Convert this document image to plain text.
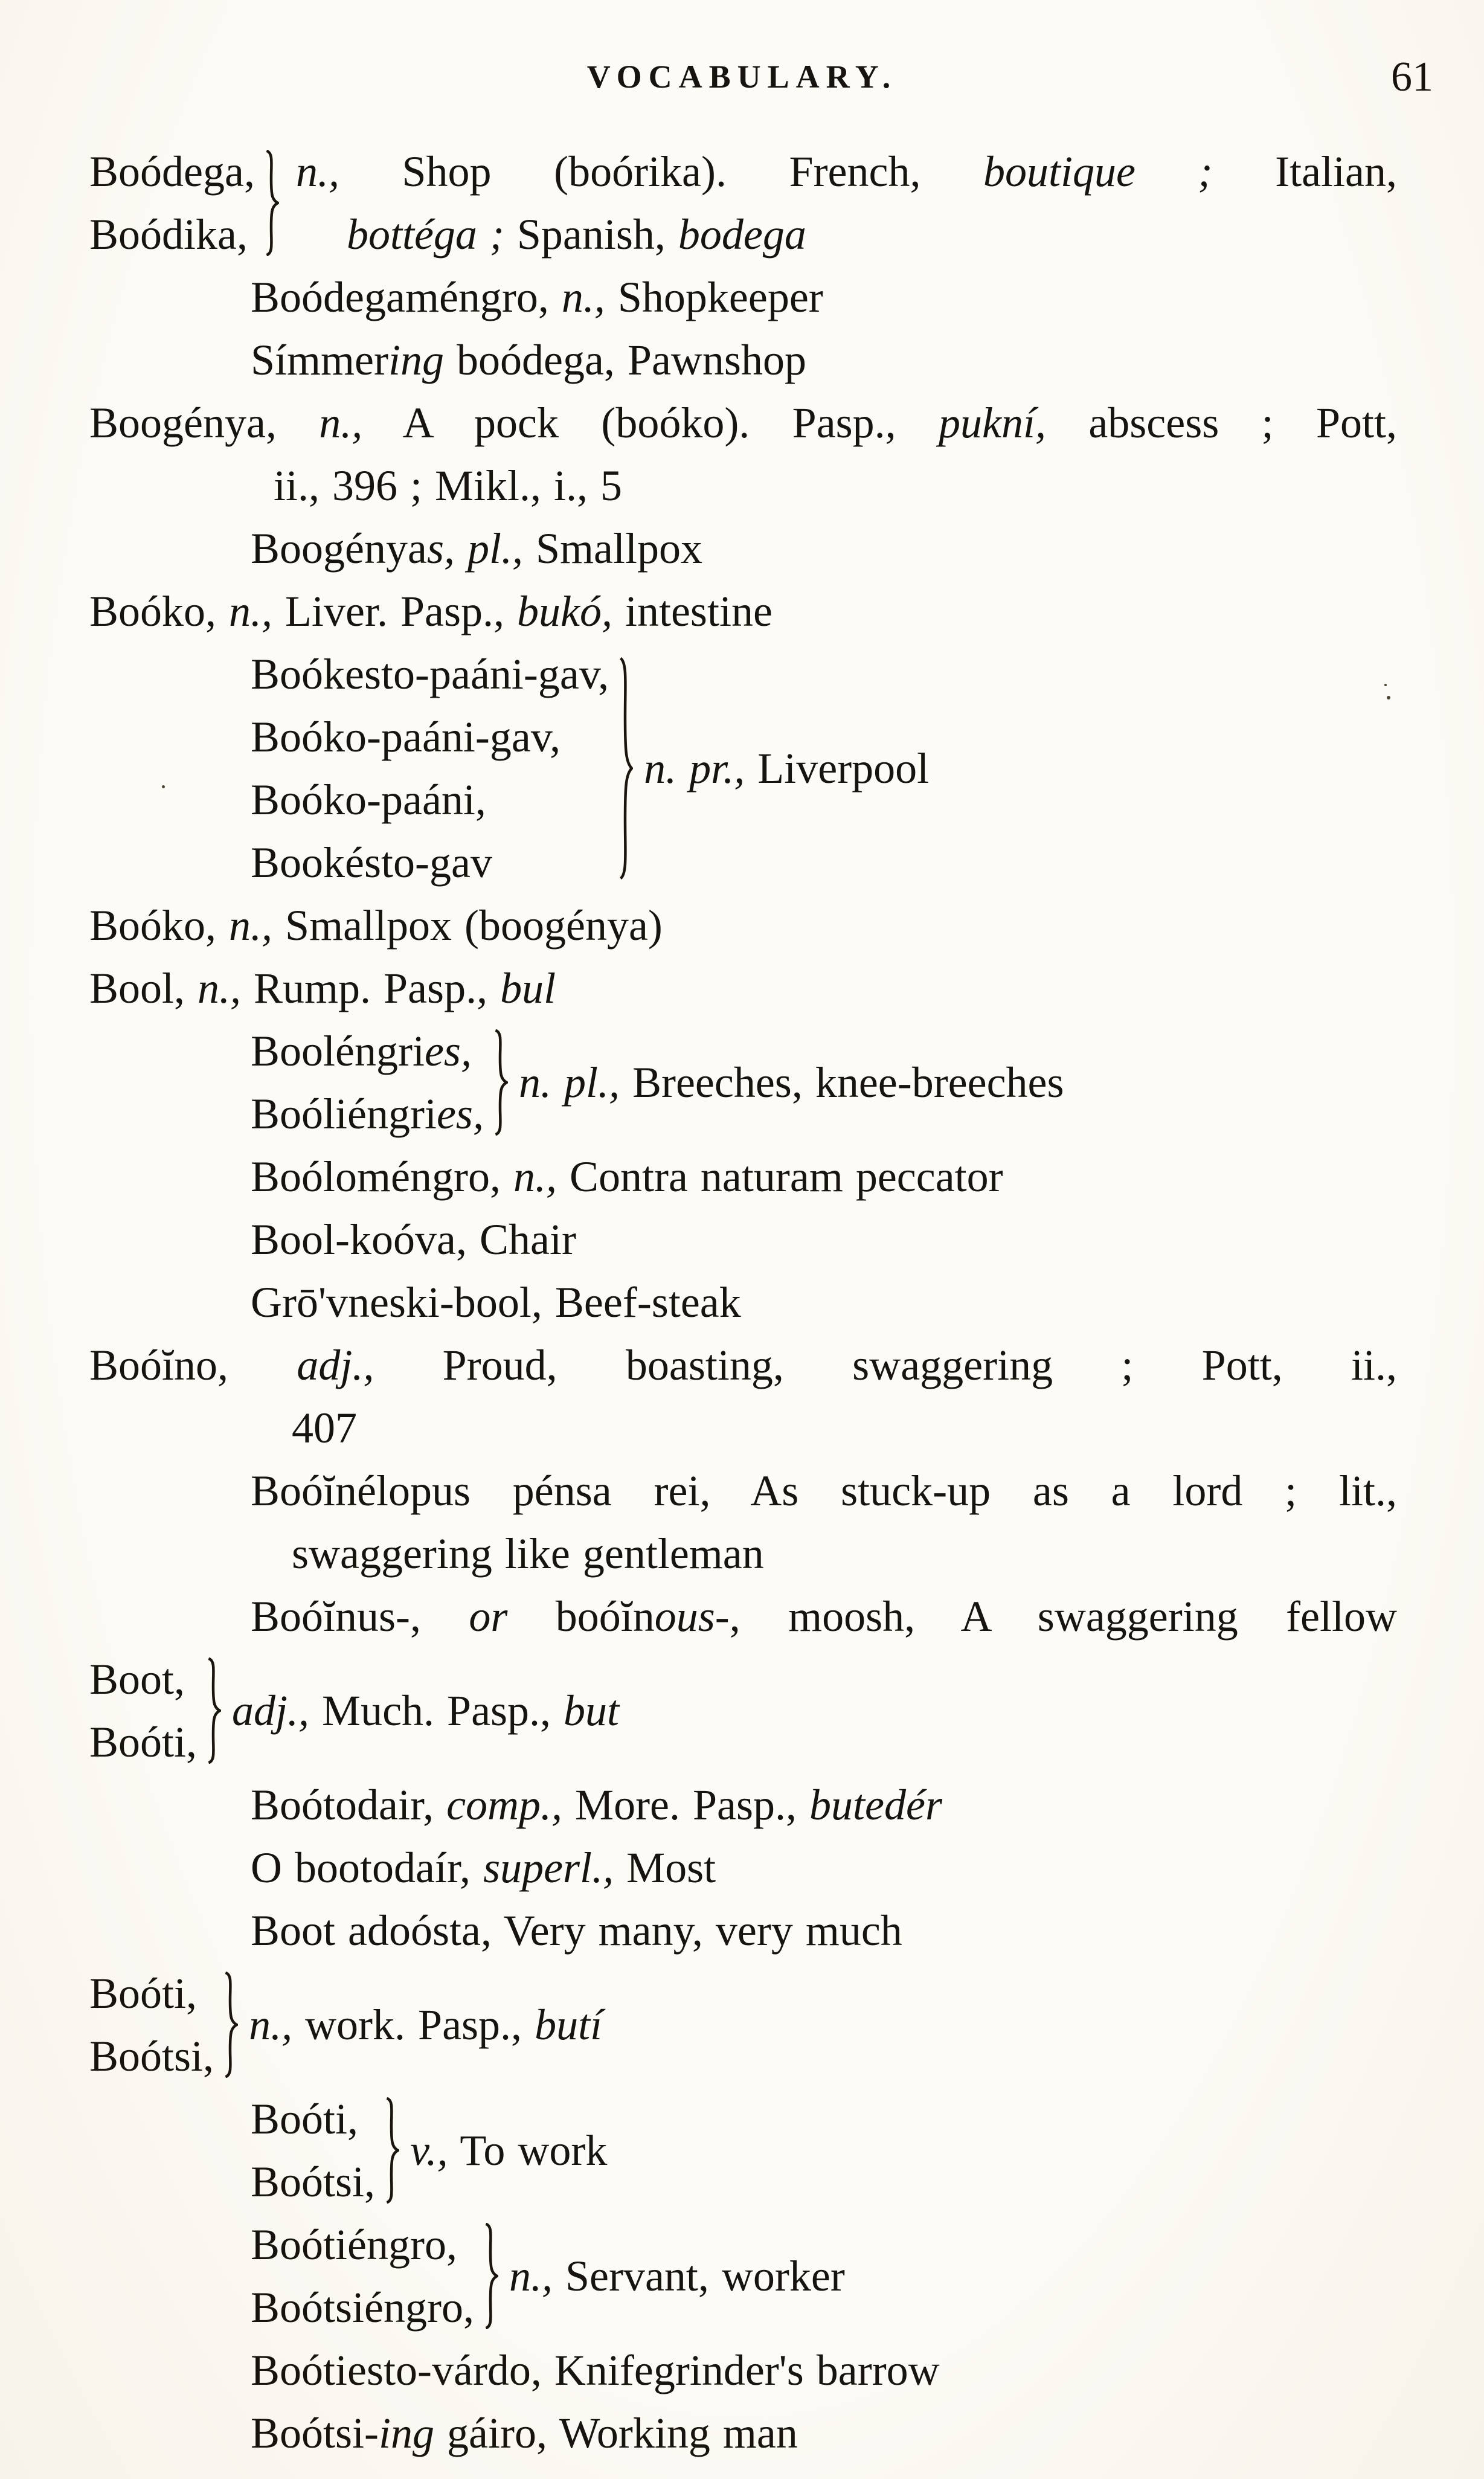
VOCABULARY.	61
Boódega,
Boódika,
n., Shop (boórika). French, boutique ; Italian,
bottéga ; Spanish, bodega
Boódegaméngro, n., Shopkeeper
Símmering boódega, Pawnshop
Boogénya, n., A pock (boóko). Pasp., pukní, abscess ; Pott,
ii., 396 ; Mikl., i., 5
Boogényas, pl., Smallpox
Boóko, n., Liver. Pasp., bukó, intestine
Boókesto-paáni-gav,
Boóko-paáni-gav,
Boóko-paáni,
Bookésto-gav
n. pr., Liverpool
Boóko, n., Smallpox (boogénya)
Bool, n., Rump. Pasp., bul
Booléngries,
Boóliéngries,
n. pl., Breeches, knee-breeches
Boóloméngro, n., Contra naturam peccator
Bool-koóva, Chair
Grō'vneski-bool, Beef-steak
Boóĭno, adj., Proud, boasting, swaggering ; Pott, ii.,
407
Boóĭnélopus pénsa rei, As stuck-up as a lord ; lit.,
swaggering like gentleman
Boóĭnus-, or boóĭnous-, moosh, A swaggering fellow
Boot,
Boóti,
adj., Much. Pasp., but
Boótodair, comp., More. Pasp., butedér
O bootodaír, superl., Most
Boot adoósta, Very many, very much
Boóti,
Boótsi,
n., work. Pasp., butí
Boóti,
Boótsi,
v., To work
Boótiéngro,
Boótsiéngro,
n., Servant, worker
Boótiesto-várdo, Knifegrinder's barrow
Boótsi-ing gáiro, Working man
